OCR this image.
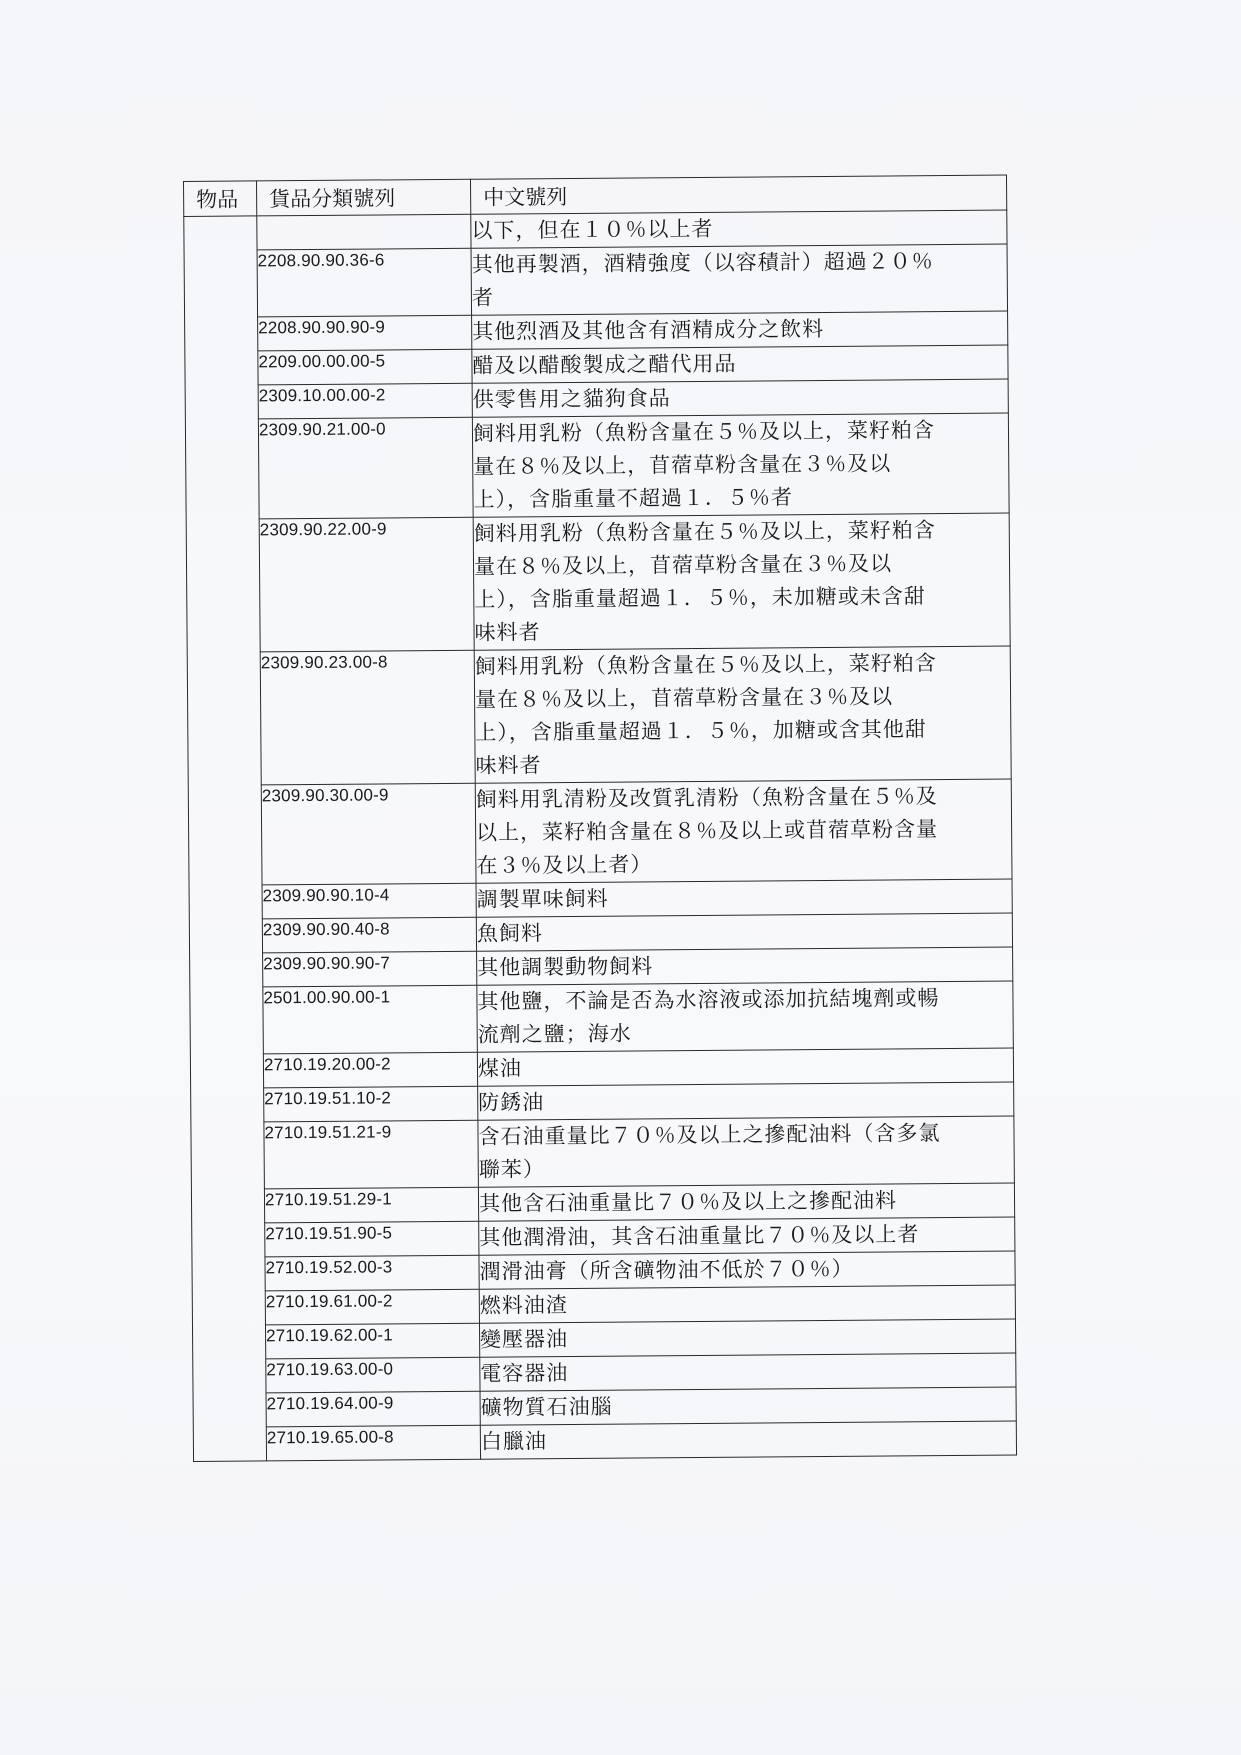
物品	貨品分類號列	中文號列

		以下，但在１０％以上者
	2208.90.90.36-6	其他再製酒，酒精強度（以容積計）超過２０％
者
	2208.90.90.90-9	其他烈酒及其他含有酒精成分之飲料
	2209.00.00.00-5	醋及以醋酸製成之醋代用品
	2309.10.00.00-2	供零售用之貓狗食品
	2309.90.21.00-0	飼料用乳粉（魚粉含量在５％及以上，菜籽粕含
量在８％及以上，苜蓿草粉含量在３％及以
上），含脂重量不超過１．５％者
	2309.90.22.00-9	飼料用乳粉（魚粉含量在５％及以上，菜籽粕含
量在８％及以上，苜蓿草粉含量在３％及以
上），含脂重量超過１．５％，未加糖或未含甜
味料者
	2309.90.23.00-8	飼料用乳粉（魚粉含量在５％及以上，菜籽粕含
量在８％及以上，苜蓿草粉含量在３％及以
上），含脂重量超過１．５％，加糖或含其他甜
味料者
	2309.90.30.00-9	飼料用乳清粉及改質乳清粉（魚粉含量在５％及
以上，菜籽粕含量在８％及以上或苜蓿草粉含量
在３％及以上者）
	2309.90.90.10-4	調製單味飼料
	2309.90.90.40-8	魚飼料
	2309.90.90.90-7	其他調製動物飼料
	2501.00.90.00-1	其他鹽，不論是否為水溶液或添加抗結塊劑或暢
流劑之鹽；海水
	2710.19.20.00-2	煤油
	2710.19.51.10-2	防銹油
	2710.19.51.21-9	含石油重量比７０％及以上之摻配油料（含多氯
聯苯）
	2710.19.51.29-1	其他含石油重量比７０％及以上之摻配油料
	2710.19.51.90-5	其他潤滑油，其含石油重量比７０％及以上者
	2710.19.52.00-3	潤滑油膏（所含礦物油不低於７０％）
	2710.19.61.00-2	燃料油渣
	2710.19.62.00-1	變壓器油
	2710.19.63.00-0	電容器油
	2710.19.64.00-9	礦物質石油腦
	2710.19.65.00-8	白臘油
